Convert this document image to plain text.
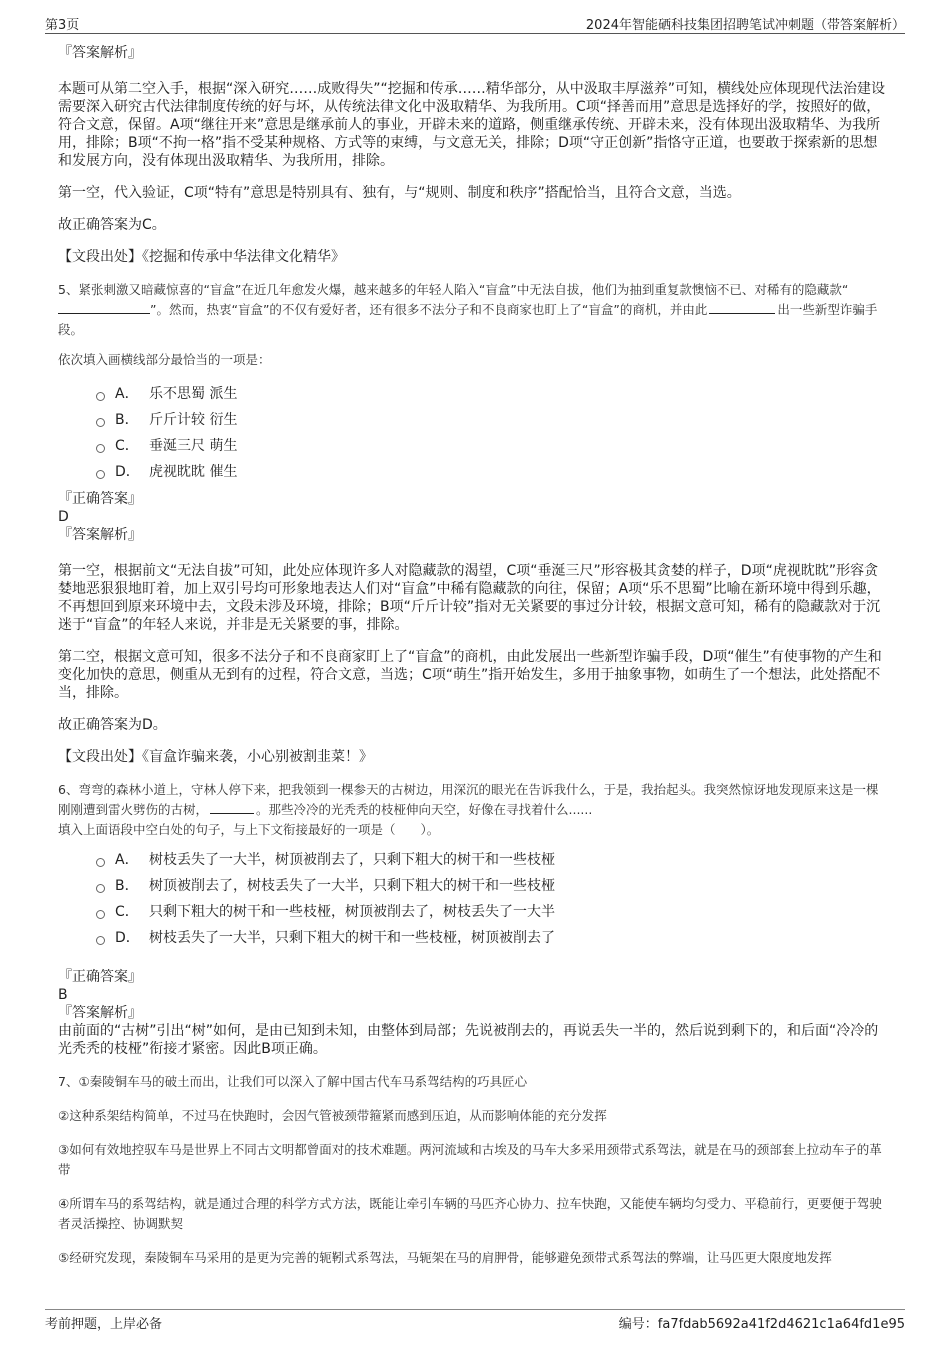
第3页	2024年智能硒科技集团招聘笔试冲刺题（带答案解析）

『答案解析』

本题可从第二空入手，根据“深入研究……成败得失”“挖掘和传承……精华部分，从中汲取丰厚滋养”可知，横线处应体现现代法治建设需要深入研究古代法律制度传统的好与坏，从传统法律文化中汲取精华、为我所用。C项“择善而用”意思是选择好的学，按照好的做，符合文意，保留。A项“继往开来”意思是继承前人的事业，开辟未来的道路，侧重继承传统、开辟未来，没有体现出汲取精华、为我所用，排除；B项“不拘一格”指不受某种规格、方式等的束缚，与文意无关，排除；D项“守正创新”指恪守正道，也要敢于探索新的思想和发展方向，没有体现出汲取精华、为我所用，排除。

第一空，代入验证，C项“特有”意思是特别具有、独有，与“规则、制度和秩序”搭配恰当，且符合文意，当选。

故正确答案为C。

【文段出处】《挖掘和传承中华法律文化精华》

5、紧张刺激又暗藏惊喜的“盲盒”在近几年愈发火爆，越来越多的年轻人陷入“盲盒”中无法自拔，他们为抽到重复款懊恼不已、对稀有的隐藏款“”。然而，热衷“盲盒”的不仅有爱好者，还有很多不法分子和不良商家也盯上了“盲盒”的商机，并由此	出一些新型诈骗手段。

依次填入画横线部分最恰当的一项是：

A． 乐不思蜀 派生
B． 斤斤计较 衍生
C． 垂涎三尺 萌生
D． 虎视眈眈 催生

『正确答案』

D

『答案解析』

第一空，根据前文“无法自拔”可知，此处应体现许多人对隐藏款的渴望，C项“垂涎三尺”形容极其贪婪的样子，D项“虎视眈眈”形容贪婪地恶狠狠地盯着，加上双引号均可形象地表达人们对“盲盒”中稀有隐藏款的向往，保留；A项“乐不思蜀”比喻在新环境中得到乐趣，不再想回到原来环境中去，文段未涉及环境，排除；B项“斤斤计较”指对无关紧要的事过分计较，根据文意可知，稀有的隐藏款对于沉迷于“盲盒”的年轻人来说，并非是无关紧要的事，排除。

第二空，根据文意可知，很多不法分子和不良商家盯上了“盲盒”的商机，由此发展出一些新型诈骗手段，D项“催生”有使事物的产生和变化加快的意思，侧重从无到有的过程，符合文意，当选；C项“萌生”指开始发生，多用于抽象事物，如萌生了一个想法，此处搭配不当，排除。

故正确答案为D。

【文段出处】《盲盒诈骗来袭，小心别被割韭菜！》

6、弯弯的森林小道上，守林人停下来，把我领到一棵参天的古树边，用深沉的眼光在告诉我什么，于是，我抬起头。我突然惊讶地发现原来这是一棵刚刚遭到雷火劈伤的古树，	。那些冷冷的光秃秃的枝桠伸向天空，好像在寻找着什么......

填入上面语段中空白处的句子，与上下文衔接最好的一项是（　　）。

A． 树枝丢失了一大半，树顶被削去了，只剩下粗大的树干和一些枝桠
B． 树顶被削去了，树枝丢失了一大半，只剩下粗大的树干和一些枝桠
C． 只剩下粗大的树干和一些枝桠，树顶被削去了，树枝丢失了一大半
D． 树枝丢失了一大半，只剩下粗大的树干和一些枝桠，树顶被削去了

『正确答案』

B

『答案解析』

由前面的“古树”引出“树”如何，是由已知到未知，由整体到局部；先说被削去的，再说丢失一半的，然后说到剩下的，和后面“冷冷的光秃秃的枝桠”衔接才紧密。因此B项正确。

7、①秦陵铜车马的破土而出，让我们可以深入了解中国古代车马系驾结构的巧具匠心

②这种系架结构简单，不过马在快跑时，会因气管被颈带箍紧而感到压迫，从而影响体能的充分发挥

③如何有效地控驭车马是世界上不同古文明都曾面对的技术难题。两河流域和古埃及的马车大多采用颈带式系驾法，就是在马的颈部套上拉动车子的革带

④所谓车马的系驾结构，就是通过合理的科学方式方法，既能让牵引车辆的马匹齐心协力、拉车快跑，又能使车辆均匀受力、平稳前行，更要便于驾驶者灵活操控、协调默契

⑤经研究发现，秦陵铜车马采用的是更为完善的轭靷式系驾法，马轭架在马的肩胛骨，能够避免颈带式系驾法的弊端，让马匹更大限度地发挥

考前押题，上岸必备	编号：fa7fdab5692a41f2d4621c1a64fd1e95
